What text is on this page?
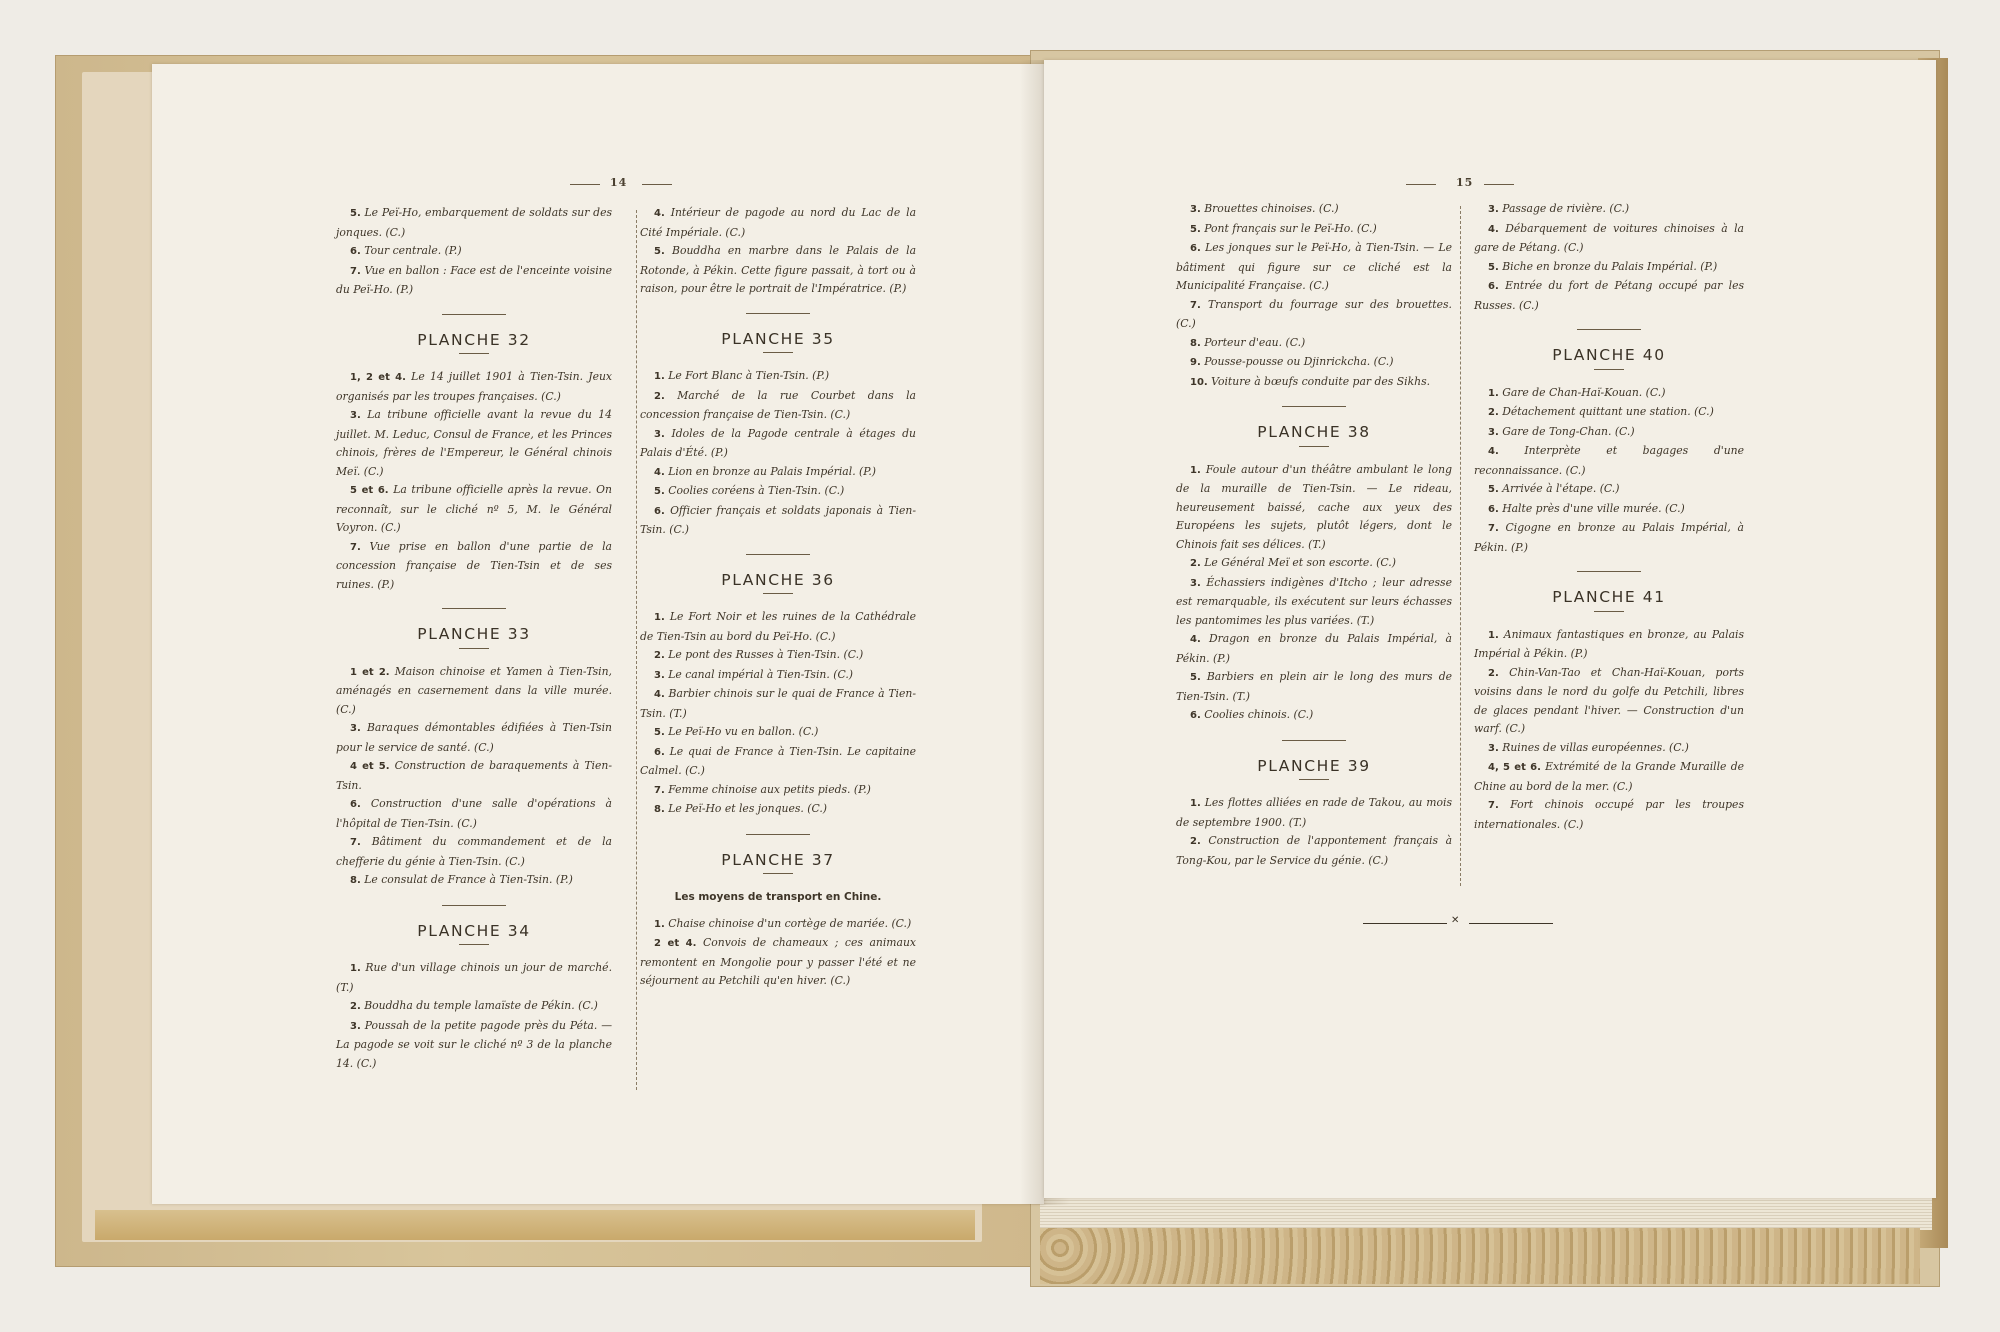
14

5. Le Peï-Ho, embarquement de soldats sur des jonques. (C.)

6. Tour centrale. (P.)

7. Vue en ballon : Face est de l'enceinte voisine du Peï-Ho. (P.)

PLANCHE 32

1, 2 et 4. Le 14 juillet 1901 à Tien-Tsin. Jeux organisés par les troupes françaises. (C.)

3. La tribune officielle avant la revue du 14 juillet. M. Leduc, Consul de France, et les Princes chinois, frères de l'Empereur, le Général chinois Meï. (C.)

5 et 6. La tribune officielle après la revue. On reconnaît, sur le cliché nº 5, M. le Général Voyron. (C.)

7. Vue prise en ballon d'une partie de la concession française de Tien-Tsin et de ses ruines. (P.)

PLANCHE 33

1 et 2. Maison chinoise et Yamen à Tien-Tsin, aménagés en casernement dans la ville murée. (C.)

3. Baraques démontables édifiées à Tien-Tsin pour le service de santé. (C.)

4 et 5. Construction de baraquements à Tien-Tsin.

6. Construction d'une salle d'opérations à l'hôpital de Tien-Tsin. (C.)

7. Bâtiment du commandement et de la chefferie du génie à Tien-Tsin. (C.)

8. Le consulat de France à Tien-Tsin. (P.)

PLANCHE 34

1. Rue d'un village chinois un jour de marché. (T.)

2. Bouddha du temple lamaïste de Pékin. (C.)

3. Poussah de la petite pagode près du Péta. — La pagode se voit sur le cliché nº 3 de la planche 14. (C.)

4. Intérieur de pagode au nord du Lac de la Cité Impériale. (C.)

5. Bouddha en marbre dans le Palais de la Rotonde, à Pékin. Cette figure passait, à tort ou à raison, pour être le portrait de l'Impératrice. (P.)

PLANCHE 35

1. Le Fort Blanc à Tien-Tsin. (P.)

2. Marché de la rue Courbet dans la concession française de Tien-Tsin. (C.)

3. Idoles de la Pagode centrale à étages du Palais d'Été. (P.)

4. Lion en bronze au Palais Impérial. (P.)

5. Coolies coréens à Tien-Tsin. (C.)

6. Officier français et soldats japonais à Tien-Tsin. (C.)

PLANCHE 36

1. Le Fort Noir et les ruines de la Cathédrale de Tien-Tsin au bord du Peï-Ho. (C.)

2. Le pont des Russes à Tien-Tsin. (C.)

3. Le canal impérial à Tien-Tsin. (C.)

4. Barbier chinois sur le quai de France à Tien-Tsin. (T.)

5. Le Peï-Ho vu en ballon. (C.)

6. Le quai de France à Tien-Tsin. Le capitaine Calmel. (C.)

7. Femme chinoise aux petits pieds. (P.)

8. Le Peï-Ho et les jonques. (C.)

PLANCHE 37
Les moyens de transport en Chine.

1. Chaise chinoise d'un cortège de mariée. (C.)

2 et 4. Convois de chameaux ; ces animaux remontent en Mongolie pour y passer l'été et ne séjournent au Petchili qu'en hiver. (C.)

15

3. Brouettes chinoises. (C.)

5. Pont français sur le Peï-Ho. (C.)

6. Les jonques sur le Peï-Ho, à Tien-Tsin. — Le bâtiment qui figure sur ce cliché est la Municipalité Française. (C.)

7. Transport du fourrage sur des brouettes. (C.)

8. Porteur d'eau. (C.)

9. Pousse-pousse ou Djinrickcha. (C.)

10. Voiture à bœufs conduite par des Sikhs.

PLANCHE 38

1. Foule autour d'un théâtre ambulant le long de la muraille de Tien-Tsin. — Le rideau, heureusement baissé, cache aux yeux des Européens les sujets, plutôt légers, dont le Chinois fait ses délices. (T.)

2. Le Général Meï et son escorte. (C.)

3. Échassiers indigènes d'Itcho ; leur adresse est remarquable, ils exécutent sur leurs échasses les pantomimes les plus variées. (T.)

4. Dragon en bronze du Palais Impérial, à Pékin. (P.)

5. Barbiers en plein air le long des murs de Tien-Tsin. (T.)

6. Coolies chinois. (C.)

PLANCHE 39

1. Les flottes alliées en rade de Takou, au mois de septembre 1900. (T.)

2. Construction de l'appontement français à Tong-Kou, par le Service du génie. (C.)

3. Passage de rivière. (C.)

4. Débarquement de voitures chinoises à la gare de Pétang. (C.)

5. Biche en bronze du Palais Impérial. (P.)

6. Entrée du fort de Pétang occupé par les Russes. (C.)

PLANCHE 40

1. Gare de Chan-Haï-Kouan. (C.)

2. Détachement quittant une station. (C.)

3. Gare de Tong-Chan. (C.)

4. Interprète et bagages d'une reconnaissance. (C.)

5. Arrivée à l'étape. (C.)

6. Halte près d'une ville murée. (C.)

7. Cigogne en bronze au Palais Impérial, à Pékin. (P.)

PLANCHE 41

1. Animaux fantastiques en bronze, au Palais Impérial à Pékin. (P.)

2. Chin-Van-Tao et Chan-Haï-Kouan, ports voisins dans le nord du golfe du Petchili, libres de glaces pendant l'hiver. — Construction d'un warf. (C.)

3. Ruines de villas européennes. (C.)

4, 5 et 6. Extrémité de la Grande Muraille de Chine au bord de la mer. (C.)

7. Fort chinois occupé par les troupes internationales. (C.)

✕
